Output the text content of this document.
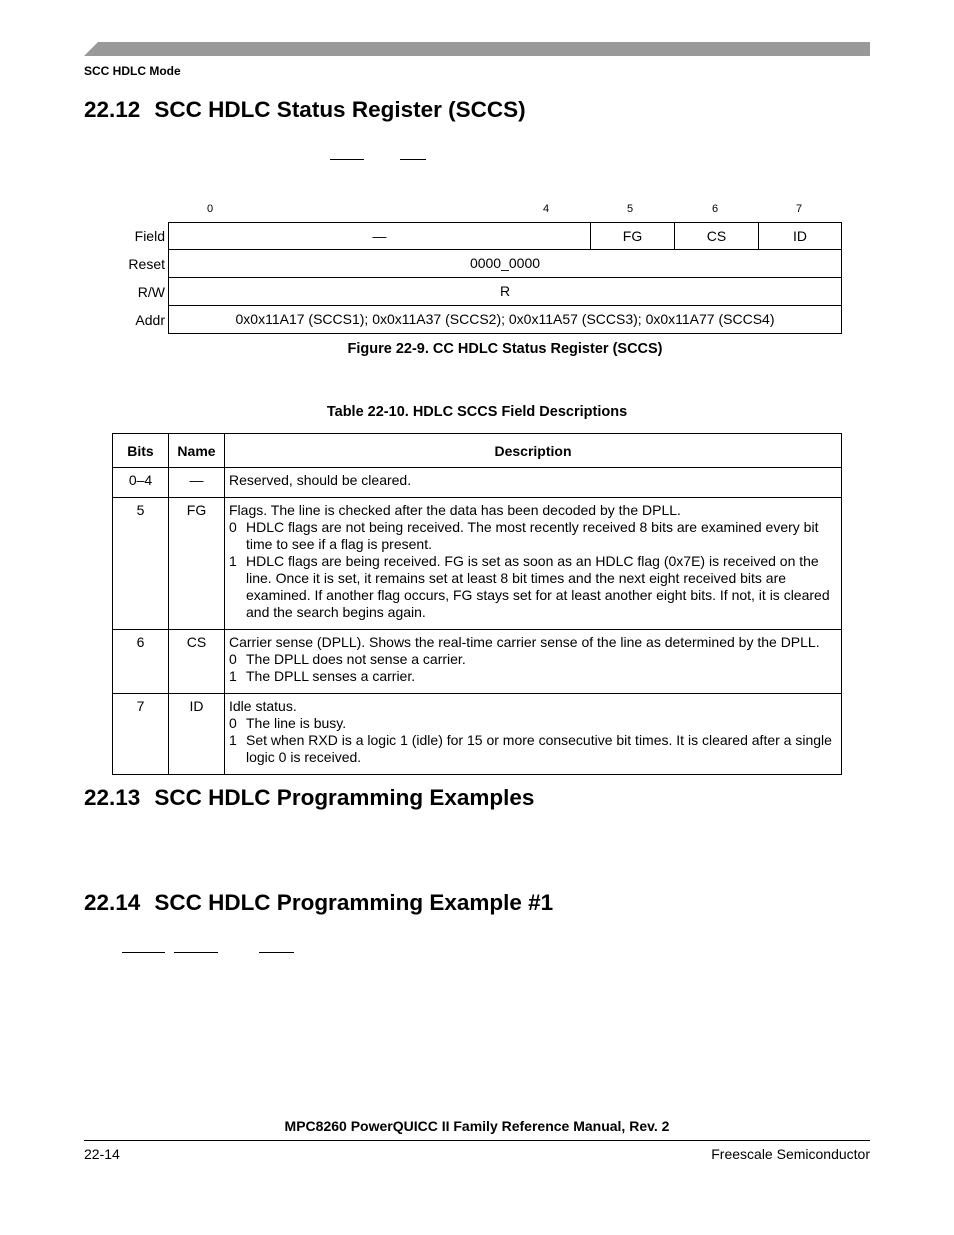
SCC HDLC Mode
22.12 SCC HDLC Status Register (SCCS)
0	4	5	6	7
Field	—	FG	CS	ID
Reset	0000_0000
R/W	R
Addr	0x0x11A17 (SCCS1); 0x0x11A37 (SCCS2); 0x0x11A57 (SCCS3); 0x0x11A77 (SCCS4)
Figure 22-9. CC HDLC Status Register (SCCS)
Table 22-10. HDLC SCCS Field Descriptions
Bits	Name	Description
0–4	—	Reserved, should be cleared.

5	FG	Flags. The line is checked after the data has been decoded by the DPLL.
0 HDLC flags are not being received. The most recently received 8 bits are examined every bit time to see if a flag is present.
1 HDLC flags are being received. FG is set as soon as an HDLC flag (0x7E) is received on the line. Once it is set, it remains set at least 8 bit times and the next eight received bits are examined. If another flag occurs, FG stays set for at least another eight bits. If not, it is cleared and the search begins again.

6	CS	Carrier sense (DPLL). Shows the real-time carrier sense of the line as determined by the DPLL.
0 The DPLL does not sense a carrier.
1 The DPLL senses a carrier.

7	ID	Idle status.
0 The line is busy.
1 Set when RXD is a logic 1 (idle) for 15 or more consecutive bit times. It is cleared after a single logic 0 is received.
22.13 SCC HDLC Programming Examples
22.14 SCC HDLC Programming Example #1
MPC8260 PowerQUICC II Family Reference Manual, Rev. 2
22-14	Freescale Semiconductor
